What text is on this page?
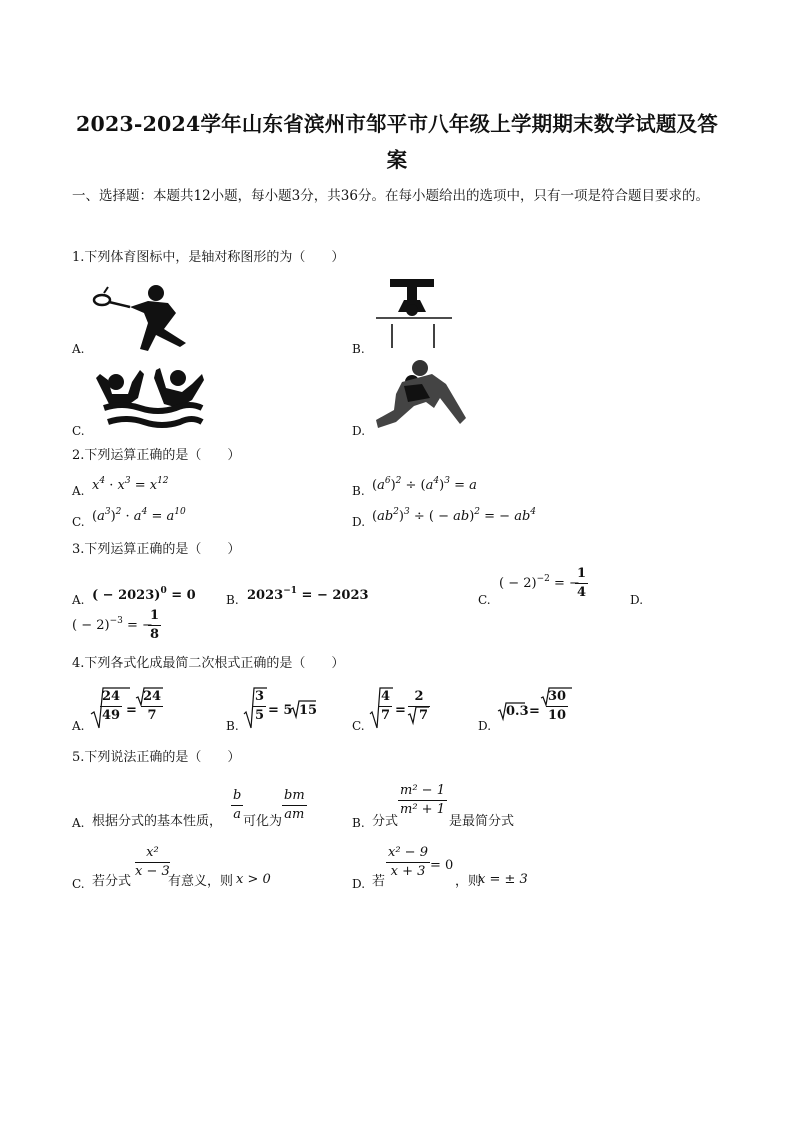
2023-2024学年山东省滨州市邹平市八年级上学期期末数学试题及答
案
一、选择题：本题共12小题，每小题3分，共36分。在每小题给出的选项中，只有一项是符合题目要求的。
1.下列体育图标中，是轴对称图形的为（　　）
A.	B.
C.	D.
2.下列运算正确的是（　　）
A. $x^4 \cdot x^3 = x^{12}$
B. $(a^6)^2 \div (a^4)^3 = a$
C. $(a^3)^2 \cdot a^4 = a^{10}$
D. $(ab^2)^3$ ÷ ( − ab)$^2$ = − $ab^4$
3.下列运算正确的是（　　）
A. ( − 2023)$^0$ = 0	B. $2023^{-1}$ = − 2023	C.
( − 2)$^{-2}$ = −
$\frac{1}{4}$	D.
( − 2)$^{-3}$ = −
$\frac{1}{8}$
4.下列各式化成最简二次根式正确的是（　　）
A.
$\frac{24}{49} = \frac{24}{7}$
B.
$\frac{3}{5} = 5$ 15
C.
$\frac{4}{7} = \frac{2}{7}$
D.
$0.3 = \frac{30}{10}$
5.下列说法正确的是（　　）
A. 根据分式的基本性质， $\frac{b}{a}$ 可化为 $\frac{bm}{am}$	B. 分式
$\frac{\text{m² − 1}}{\text{m² + 1}}$
是最简分式
C. 若分式
$\frac{\text{x²}}{x - 3}$
有意义，则 x > 0	D. 若
$\frac{\text{x² − 9}}{x + 3} = 0$
，则
x = ± 3
